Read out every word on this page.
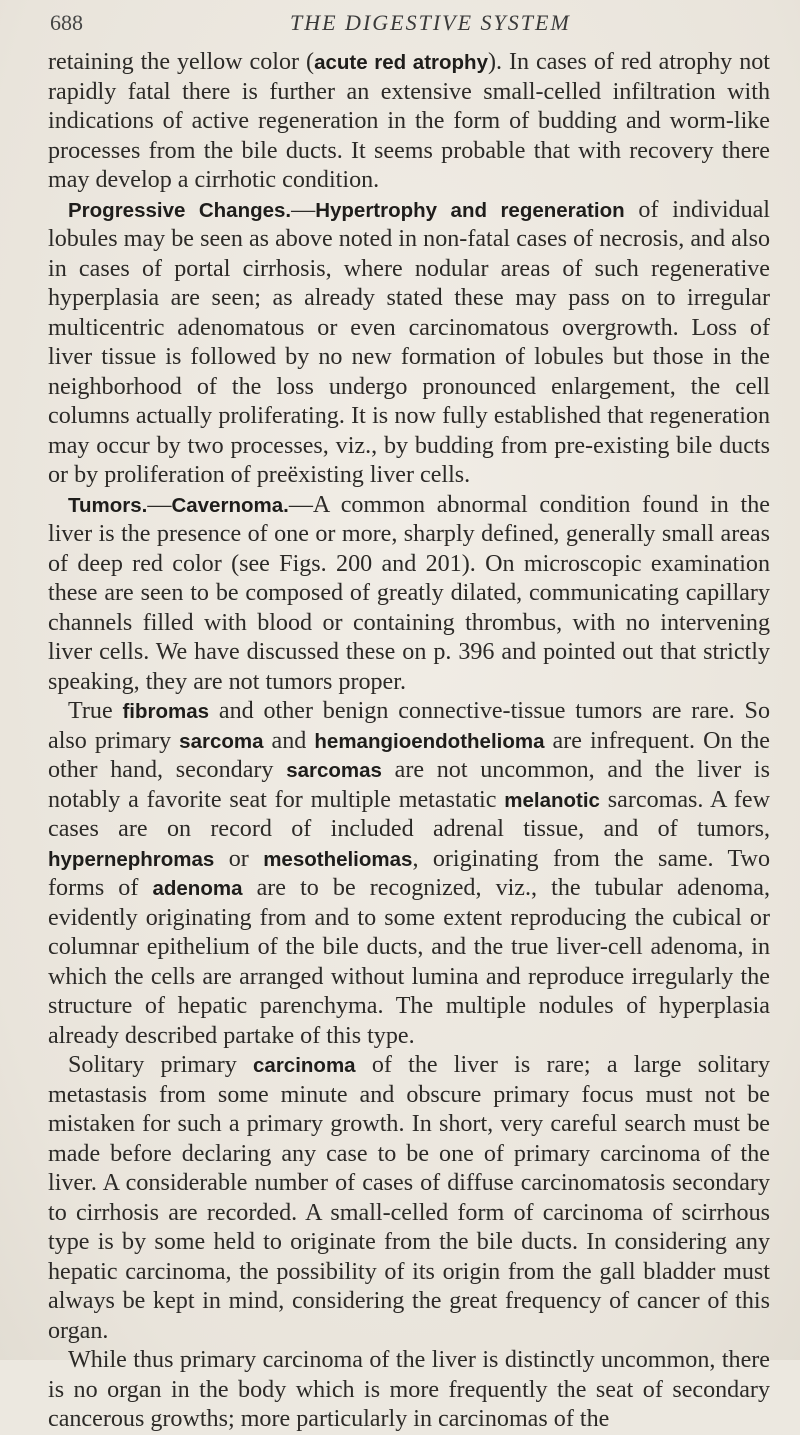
688	THE DIGESTIVE SYSTEM

retaining the yellow color (acute red atrophy). In cases of red atrophy not rapidly fatal there is further an extensive small-celled infiltration with indications of active regeneration in the form of budding and worm-like processes from the bile ducts. It seems probable that with recovery there may develop a cirrhotic condition.

Progressive Changes.—Hypertrophy and regeneration of individual lobules may be seen as above noted in non-fatal cases of necrosis, and also in cases of portal cirrhosis, where nodular areas of such regenerative hyperplasia are seen; as already stated these may pass on to irregular multicentric adenomatous or even carcinomatous overgrowth. Loss of liver tissue is followed by no new formation of lobules but those in the neighborhood of the loss undergo pronounced enlargement, the cell columns actually proliferating. It is now fully established that regeneration may occur by two processes, viz., by budding from pre-existing bile ducts or by proliferation of preëxisting liver cells.

Tumors.—Cavernoma.—A common abnormal condition found in the liver is the presence of one or more, sharply defined, generally small areas of deep red color (see Figs. 200 and 201). On microscopic examination these are seen to be composed of greatly dilated, communicating capillary channels filled with blood or containing thrombus, with no intervening liver cells. We have discussed these on p. 396 and pointed out that strictly speaking, they are not tumors proper.

True fibromas and other benign connective-tissue tumors are rare. So also primary sarcoma and hemangioendothelioma are infrequent. On the other hand, secondary sarcomas are not uncommon, and the liver is notably a favorite seat for multiple metastatic melanotic sarcomas. A few cases are on record of included adrenal tissue, and of tumors, hypernephromas or mesotheliomas, originating from the same. Two forms of adenoma are to be recognized, viz., the tubular adenoma, evidently originating from and to some extent reproducing the cubical or columnar epithelium of the bile ducts, and the true liver-cell adenoma, in which the cells are arranged without lumina and reproduce irregularly the structure of hepatic parenchyma. The multiple nodules of hyperplasia already described partake of this type.

Solitary primary carcinoma of the liver is rare; a large solitary metastasis from some minute and obscure primary focus must not be mistaken for such a primary growth. In short, very careful search must be made before declaring any case to be one of primary carcinoma of the liver. A considerable number of cases of diffuse carcinomatosis secondary to cirrhosis are recorded. A small-celled form of carcinoma of scirrhous type is by some held to originate from the bile ducts. In considering any hepatic carcinoma, the possibility of its origin from the gall bladder must always be kept in mind, considering the great frequency of cancer of this organ.

While thus primary carcinoma of the liver is distinctly uncommon, there is no organ in the body which is more frequently the seat of secondary cancerous growths; more particularly in carcinomas of the
